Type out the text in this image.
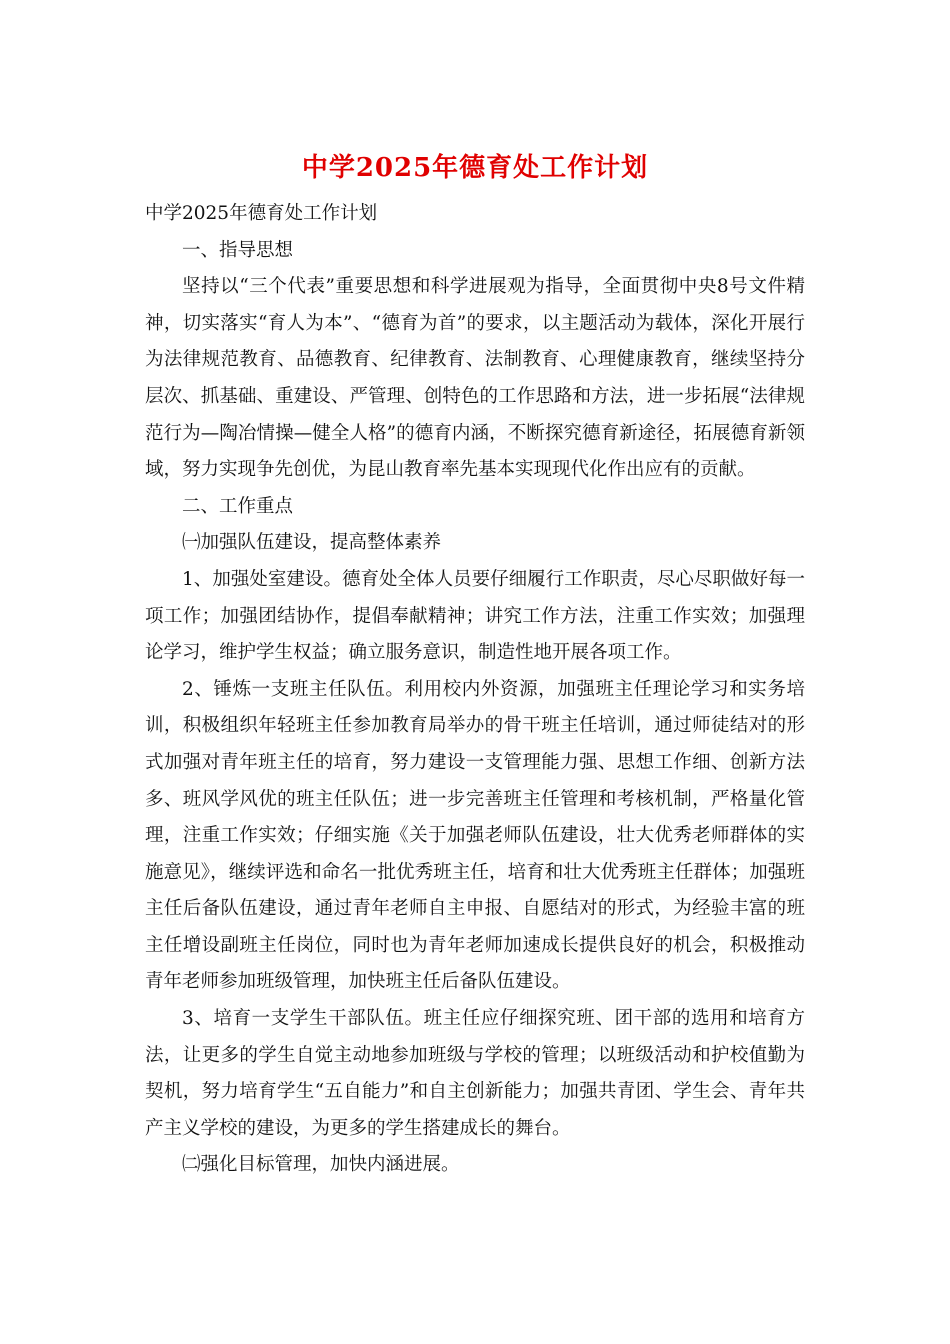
中学2025年德育处工作计划

中学2025年德育处工作计划

一、指导思想

坚持以“三个代表”重要思想和科学进展观为指导，全面贯彻中央8号文件精神，切实落实“育人为本”、“德育为首”的要求，以主题活动为载体，深化开展行为法律规范教育、品德教育、纪律教育、法制教育、心理健康教育，继续坚持分层次、抓基础、重建设、严管理、创特色的工作思路和方法，进一步拓展“法律规范行为—陶冶情操—健全人格”的德育内涵，不断探究德育新途径，拓展德育新领域，努力实现争先创优，为昆山教育率先基本实现现代化作出应有的贡献。

二、工作重点

㈠加强队伍建设，提高整体素养

1、加强处室建设。德育处全体人员要仔细履行工作职责，尽心尽职做好每一项工作；加强团结协作，提倡奉献精神；讲究工作方法，注重工作实效；加强理论学习，维护学生权益；确立服务意识，制造性地开展各项工作。

2、锤炼一支班主任队伍。利用校内外资源，加强班主任理论学习和实务培训，积极组织年轻班主任参加教育局举办的骨干班主任培训，通过师徒结对的形式加强对青年班主任的培育，努力建设一支管理能力强、思想工作细、创新方法多、班风学风优的班主任队伍；进一步完善班主任管理和考核机制，严格量化管理，注重工作实效；仔细实施《关于加强老师队伍建设，壮大优秀老师群体的实施意见》，继续评选和命名一批优秀班主任，培育和壮大优秀班主任群体；加强班主任后备队伍建设，通过青年老师自主申报、自愿结对的形式，为经验丰富的班主任增设副班主任岗位，同时也为青年老师加速成长提供良好的机会，积极推动青年老师参加班级管理，加快班主任后备队伍建设。

3、培育一支学生干部队伍。班主任应仔细探究班、团干部的选用和培育方法，让更多的学生自觉主动地参加班级与学校的管理；以班级活动和护校值勤为契机，努力培育学生“五自能力”和自主创新能力；加强共青团、学生会、青年共产主义学校的建设，为更多的学生搭建成长的舞台。

㈡强化目标管理，加快内涵进展。
